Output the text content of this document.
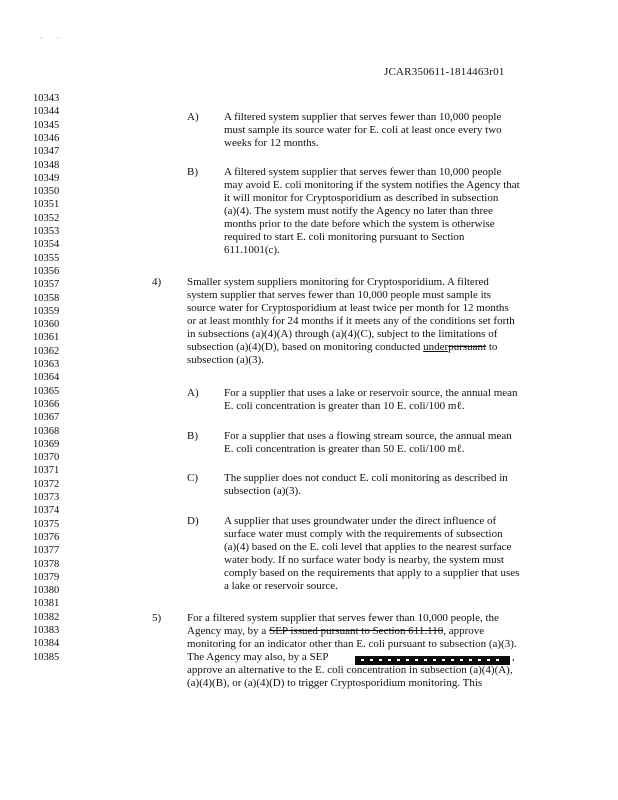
·       ·
JCAR350611-1814463r01
10343
10344
10345
10346
10347
10348
10349
10350
10351
10352
10353
10354
10355
10356
10357
10358
10359
10360
10361
10362
10363
10364
10365
10366
10367
10368
10369
10370
10371
10372
10373
10374
10375
10376
10377
10378
10379
10380
10381
10382
10383
10384
10385
A) A filtered system supplier that serves fewer than 10,000 people
must sample its source water for E. coli at least once every two
weeks for 12 months.
B) A filtered system supplier that serves fewer than 10,000 people
may avoid E. coli monitoring if the system notifies the Agency that
it will monitor for Cryptosporidium as described in subsection
(a)(4). The system must notify the Agency no later than three
months prior to the date before which the system is otherwise
required to start E. coli monitoring pursuant to Section
611.1001(c).
4) Smaller system suppliers monitoring for Cryptosporidium. A filtered
system supplier that serves fewer than 10,000 people must sample its
source water for Cryptosporidium at least twice per month for 12 months
or at least monthly for 24 months if it meets any of the conditions set forth
in subsections (a)(4)(A) through (a)(4)(C), subject to the limitations of
subsection (a)(4)(D), based on monitoring conducted underpursuant to
subsection (a)(3).
A) For a supplier that uses a lake or reservoir source, the annual mean
E. coli concentration is greater than 10 E. coli/100 mℓ.
B) For a supplier that uses a flowing stream source, the annual mean
E. coli concentration is greater than 50 E. coli/100 mℓ.
C) The supplier does not conduct E. coli monitoring as described in
subsection (a)(3).
D) A supplier that uses groundwater under the direct influence of
surface water must comply with the requirements of subsection
(a)(4) based on the E. coli level that applies to the nearest surface
water body. If no surface water body is nearby, the system must
comply based on the requirements that apply to a supplier that uses
a lake or reservoir source.
5) For a filtered system supplier that serves fewer than 10,000 people, the
Agency may, by a SEP issued pursuant to Section 611.110, approve
monitoring for an indicator other than E. coli pursuant to subsection (a)(3).
The Agency may also, by a SEP	,
approve an alternative to the E. coli concentration in subsection (a)(4)(A),
(a)(4)(B), or (a)(4)(D) to trigger Cryptosporidium monitoring. This
